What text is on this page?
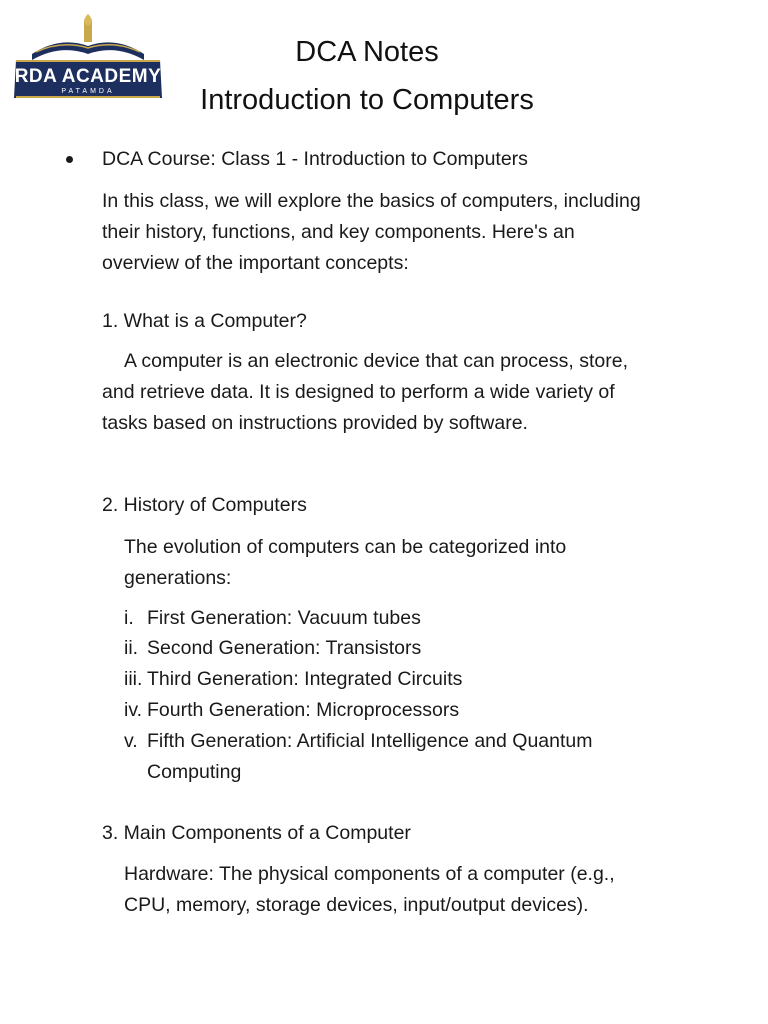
RDA ACADEMY
PATAMDA
DCA Notes
Introduction to Computers
DCA Course: Class 1 - Introduction to Computers
In this class, we will explore the basics of computers, including
their history, functions, and key components. Here's an
overview of the important concepts:
1. What is a Computer?
A computer is an electronic device that can process, store,
and retrieve data. It is designed to perform a wide variety of
tasks based on instructions provided by software.
2. History of Computers
The evolution of computers can be categorized into
generations:
i. First Generation: Vacuum tubes
ii. Second Generation: Transistors
iii. Third Generation: Integrated Circuits
iv. Fourth Generation: Microprocessors
v. Fifth Generation: Artificial Intelligence and Quantum
Computing
3. Main Components of a Computer
Hardware: The physical components of a computer (e.g.,
CPU, memory, storage devices, input/output devices).
